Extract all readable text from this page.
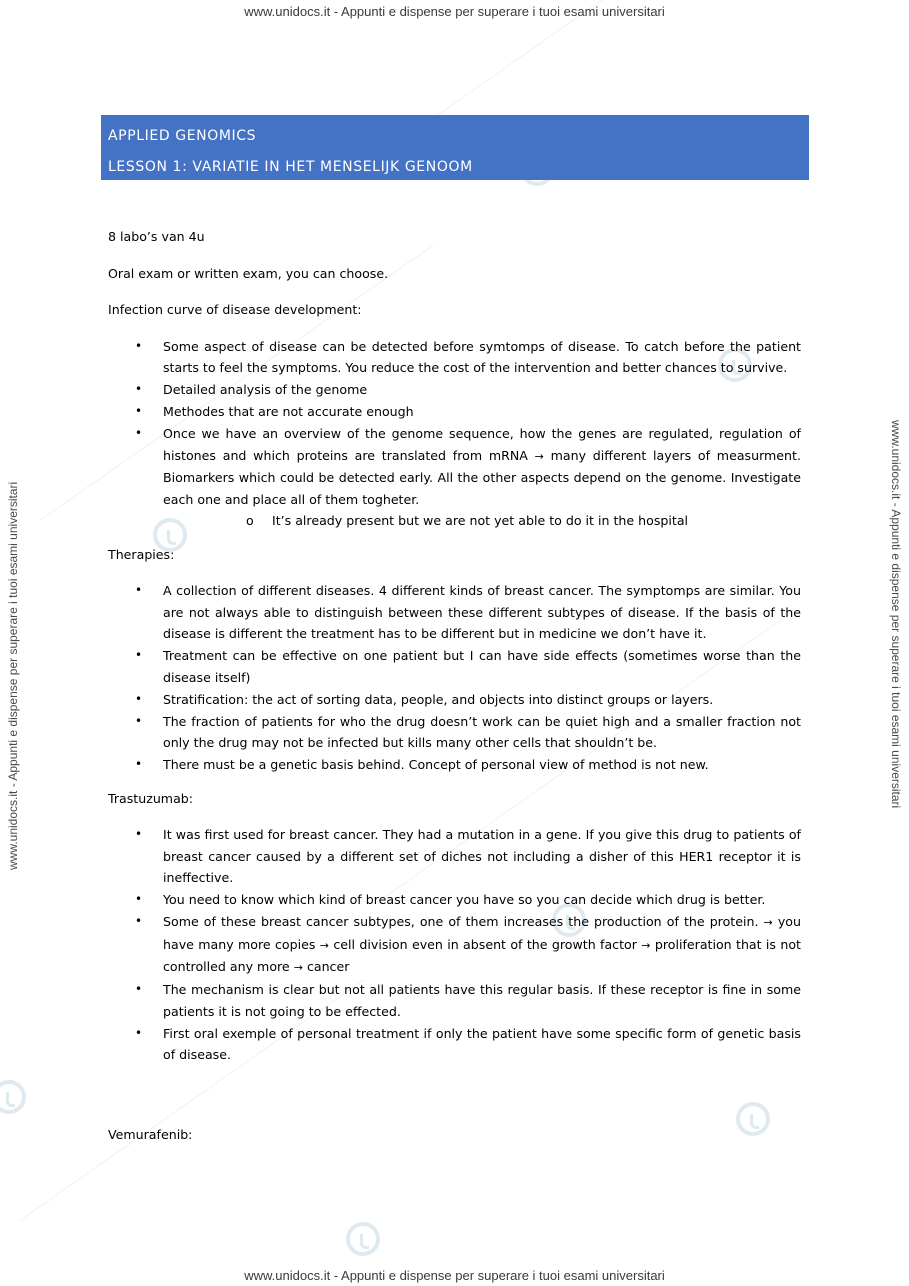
www.unidocs.it - Appunti e dispense per superare i tuoi esami universitari
www.unidocs.it - Appunti e dispense per superare i tuoi esami universitari
www.unidocs.it - Appunti e dispense per superare i tuoi esami universitari	www.unidocs.it - Appunti e dispense per superare i tuoi esami universitari
APPLIED GENOMICS
LESSON 1: VARIATIE IN HET MENSELIJK GENOOM

8 labo’s van 4u

Oral exam or written exam, you can choose.

Infection curve of disease development:

• Some aspect of disease can be detected before symtomps of disease. To catch before the patient starts to feel the symptoms. You reduce the cost of the intervention and better chances to survive.
• Detailed analysis of the genome
• Methodes that are not accurate enough
• Once we have an overview of the genome sequence, how the genes are regulated, regulation of histones and which proteins are translated from mRNA → many different layers of measurment. Biomarkers which could be detected early. All the other aspects depend on the genome. Investigate each one and place all of them togheter.
o It’s already present but we are not yet able to do it in the hospital

Therapies:

• A collection of different diseases. 4 different kinds of breast cancer. The symptomps are similar. You are not always able to distinguish between these different subtypes of disease. If the basis of the disease is different the treatment has to be different but in medicine we don’t have it.
• Treatment can be effective on one patient but I can have side effects (sometimes worse than the disease itself)
• Stratification: the act of sorting data, people, and objects into distinct groups or layers.
• The fraction of patients for who the drug doesn’t work can be quiet high and a smaller fraction not only the drug may not be infected but kills many other cells that shouldn’t be.
• There must be a genetic basis behind. Concept of personal view of method is not new.

Trastuzumab:

• It was first used for breast cancer. They had a mutation in a gene. If you give this drug to patients of breast cancer caused by a different set of diches not including a disher of this HER1 receptor it is ineffective.
• You need to know which kind of breast cancer you have so you can decide which drug is better.
• Some of these breast cancer subtypes, one of them increases the production of the protein. → you have many more copies → cell division even in absent of the growth factor → proliferation that is not controlled any more → cancer
• The mechanism is clear but not all patients have this regular basis. If these receptor is fine in some patients it is not going to be effected.
• First oral exemple of personal treatment if only the patient have some specific form of genetic basis of disease.

Vemurafenib:
